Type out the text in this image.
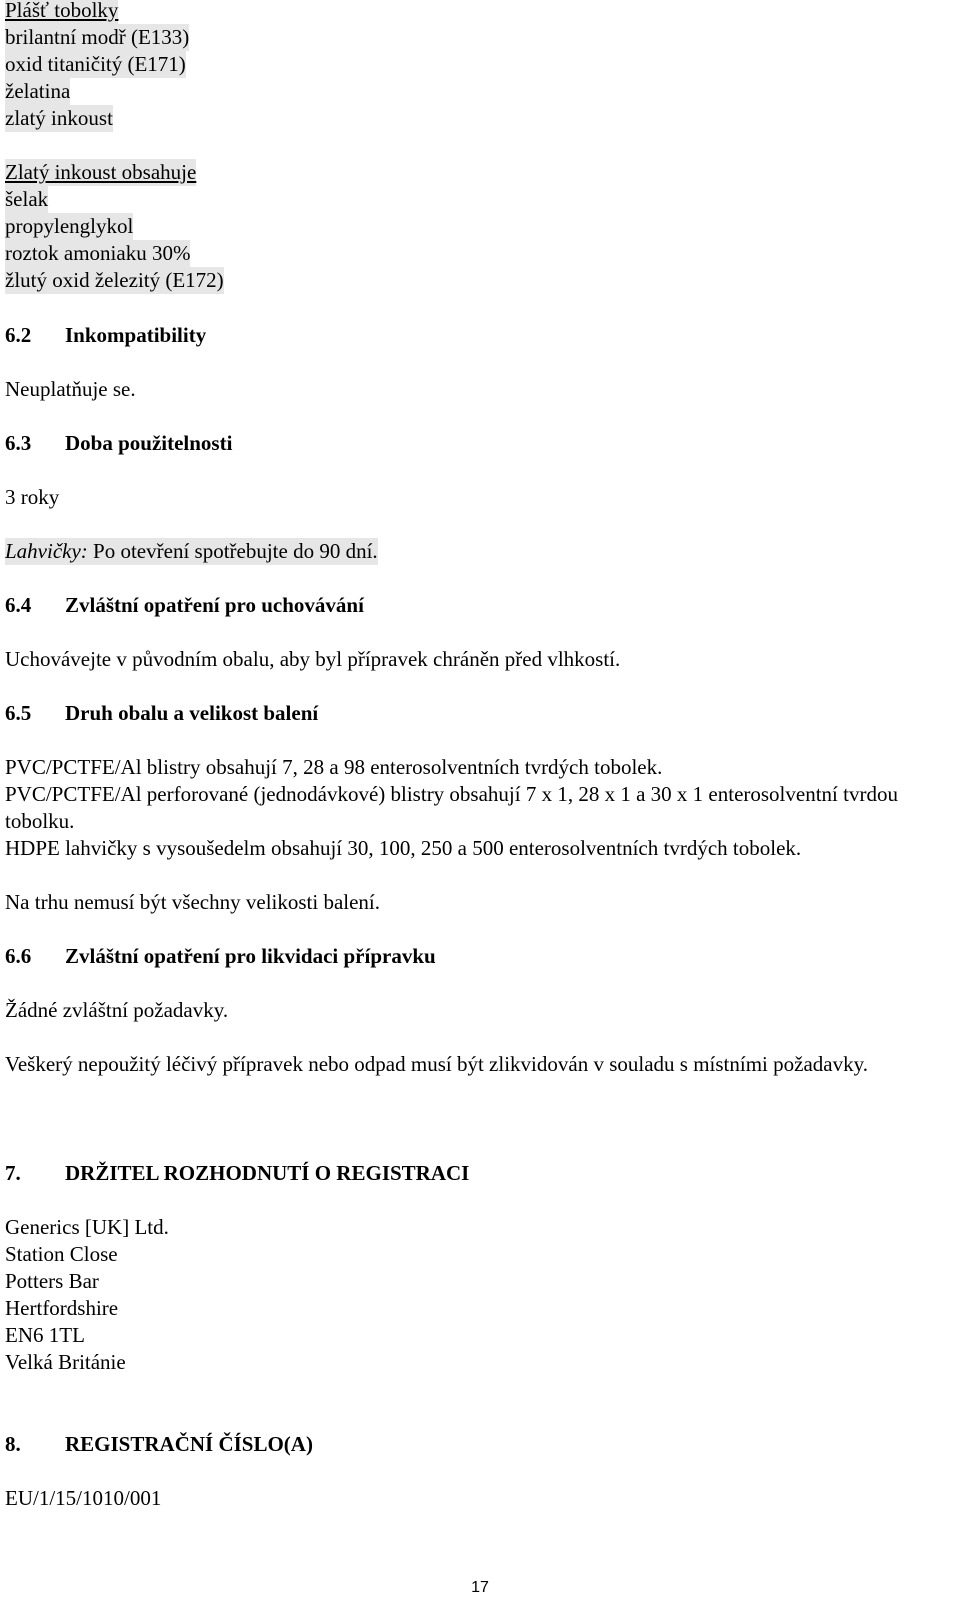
Plášť tobolky
brilantní modř (E133)
oxid titaničitý (E171)
želatina
zlatý inkoust
Zlatý inkoust obsahuje
šelak
propylenglykol
roztok amoniaku 30%
žlutý oxid železitý (E172)
6.2 Inkompatibility
Neuplatňuje se.
6.3 Doba použitelnosti
3 roky
Lahvičky: Po otevření spotřebujte do 90 dní.
6.4 Zvláštní opatření pro uchovávání
Uchovávejte v původním obalu, aby byl přípravek chráněn před vlhkostí.
6.5 Druh obalu a velikost balení
PVC/PCTFE/Al blistry obsahují 7, 28 a 98 enterosolventních tvrdých tobolek.
PVC/PCTFE/Al perforované (jednodávkové) blistry obsahují 7 x 1, 28 x 1 a 30 x 1 enterosolventní tvrdou tobolku.
HDPE lahvičky s vysoušedelm obsahují 30, 100, 250 a 500 enterosolventních tvrdých tobolek.
Na trhu nemusí být všechny velikosti balení.
6.6 Zvláštní opatření pro likvidaci přípravku
Žádné zvláštní požadavky.
Veškerý nepoužitý léčivý přípravek nebo odpad musí být zlikvidován v souladu s místními požadavky.
7. DRŽITEL ROZHODNUTÍ O REGISTRACI
Generics [UK] Ltd.
Station Close
Potters Bar
Hertfordshire
EN6 1TL
Velká Británie
8. REGISTRAČNÍ ČÍSLO(A)
EU/1/15/1010/001
17
